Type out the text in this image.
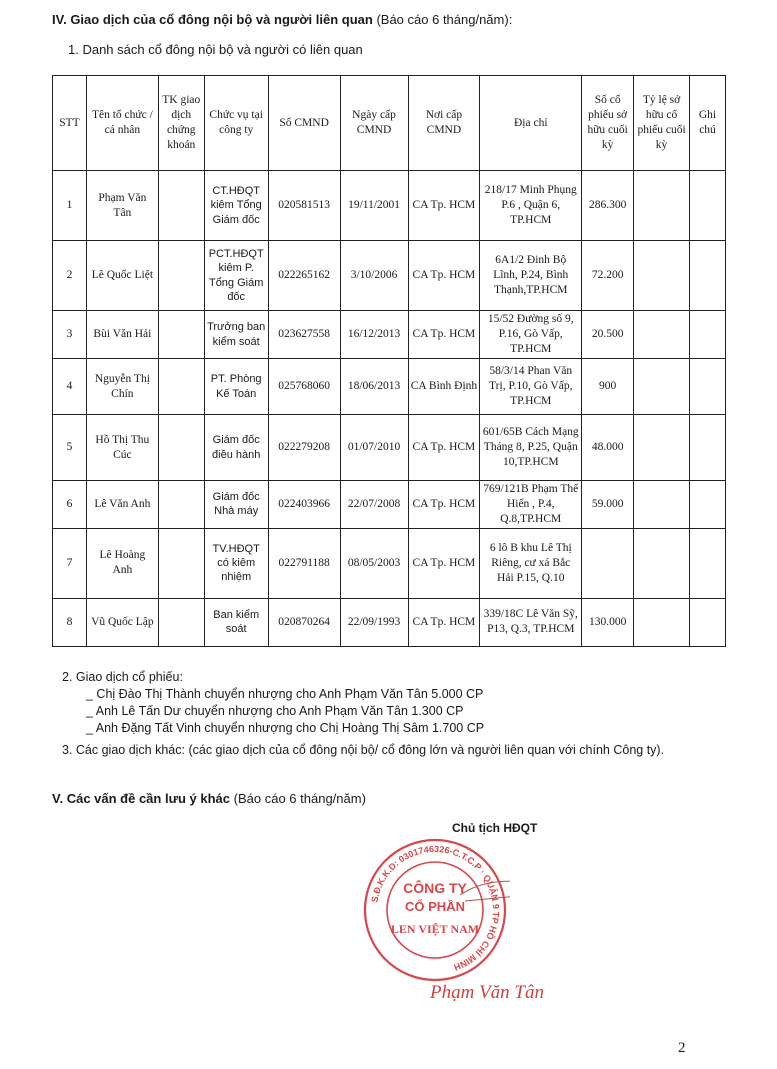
IV. Giao dịch của cổ đông nội bộ và người liên quan (Báo cáo 6 tháng/năm):
1. Danh sách cổ đông nội bộ và người có liên quan
STT	Tên tổ chức / cá nhân	TK giao dịch chứng khoán	Chức vụ tại công ty	Số CMND	Ngày cấp CMND	Nơi cấp CMND	Địa chỉ	Số cổ phiếu sở hữu cuối kỳ	Tỷ lệ sở hữu cổ phiếu cuối kỳ	Ghi chú
1	Phạm Văn Tân		CT.HĐQT kiêm Tổng Giám đốc	020581513	19/11/2001	CA Tp. HCM	218/17 Minh Phụng P.6 , Quận 6, TP.HCM	286.300		
2	Lê Quốc Liệt		PCT.HĐQT kiêm P. Tổng Giám đốc	022265162	3/10/2006	CA Tp. HCM	6A1/2 Đinh Bộ Lĩnh, P.24, Bình Thạnh,TP.HCM	72.200		
3	Bùi Văn Hải		Trưởng ban kiểm soát	023627558	16/12/2013	CA Tp. HCM	15/52 Đường số 9, P.16, Gò Vấp, TP.HCM	20.500		
4	Nguyễn Thị Chín		PT. Phòng Kế Toán	025768060	18/06/2013	CA Bình Định	58/3/14 Phan Văn Trị, P.10, Gò Vấp, TP.HCM	900		
5	Hồ Thị Thu Cúc		Giám đốc điều hành	022279208	01/07/2010	CA Tp. HCM	601/65B Cách Mạng Tháng 8, P.25, Quận 10,TP.HCM	48.000		
6	Lê Văn Anh		Giám đốc Nhà máy	022403966	22/07/2008	CA Tp. HCM	769/121B Phạm Thế Hiển , P.4, Q.8,TP.HCM	59.000		
7	Lê Hoàng Anh		TV.HĐQT có kiêm nhiệm	022791188	08/05/2003	CA Tp. HCM	6 lô B khu Lê Thị Riêng, cư xá Bắc Hải P.15, Q.10			
8	Vũ Quốc Lập		Ban kiểm soát	020870264	22/09/1993	CA Tp. HCM	339/18C Lê Văn Sỹ, P13, Q.3, TP.HCM	130.000		
2. Giao dịch cổ phiếu:
_ Chị Đào Thị Thành chuyển nhượng cho Anh Phạm Văn Tân 5.000 CP
_ Anh Lê Tấn Dư chuyển nhượng cho Anh Phạm Văn Tân 1.300 CP
_ Anh Đặng Tất Vinh chuyển nhượng cho Chị Hoàng Thị Sâm 1.700 CP
3. Các giao dịch khác: (các giao dịch của cổ đông nội bộ/ cổ đông lớn và người liên quan với chính Công ty).
V. Các vấn đề cần lưu ý khác (Báo cáo 6 tháng/năm)
Chủ tịch HĐQT
S.Đ.K.K.D: 0301746326-C.T.C.P · QUẬN 9 TP HỒ CHÍ MINH
CÔNG TY
CỔ PHẦN
LEN VIỆT NAM
Phạm Văn Tân
2
